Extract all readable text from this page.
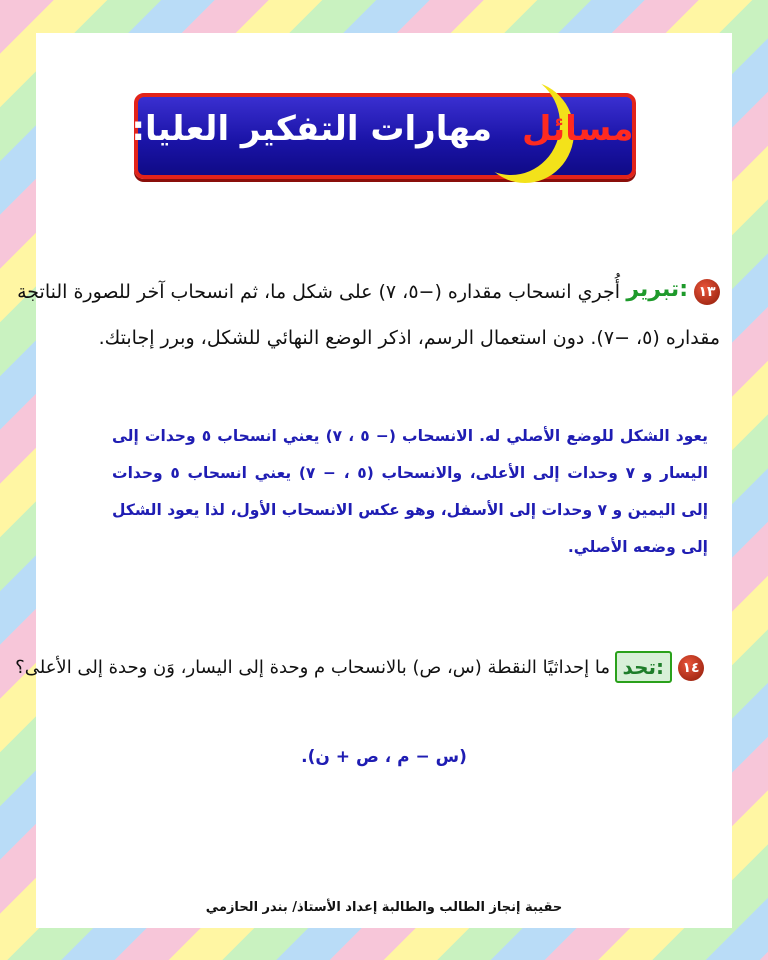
مسائل
مهارات التفكير العليا:
١٣
تبرير:
أُجري انسحاب مقداره (−٥، ٧) على شكل ما، ثم انسحاب آخر للصورة الناتجة
مقداره (٥، −٧). دون استعمال الرسم، اذكر الوضع النهائي للشكل، وبرر إجابتك.
يعود الشكل للوضع الأصلي له. الانسحاب (− ٥ ، ٧) يعني انسحاب ٥ وحدات إلى اليسار و ٧ وحدات إلى الأعلى، والانسحاب (٥ ، − ٧) يعني انسحاب ٥ وحدات إلى اليمين و ٧ وحدات إلى الأسفل، وهو عكس الانسحاب الأول، لذا يعود الشكل إلى وضعه الأصلي.
١٤
تحد:
ما إحداثيًا النقطة (س، ص) بالانسحاب م وحدة إلى اليسار، وَن وحدة إلى الأعلى؟
(س − م ، ص + ن).
حقيبة إنجاز الطالب والطالبة إعداد الأستاذ/ بندر الحازمي
